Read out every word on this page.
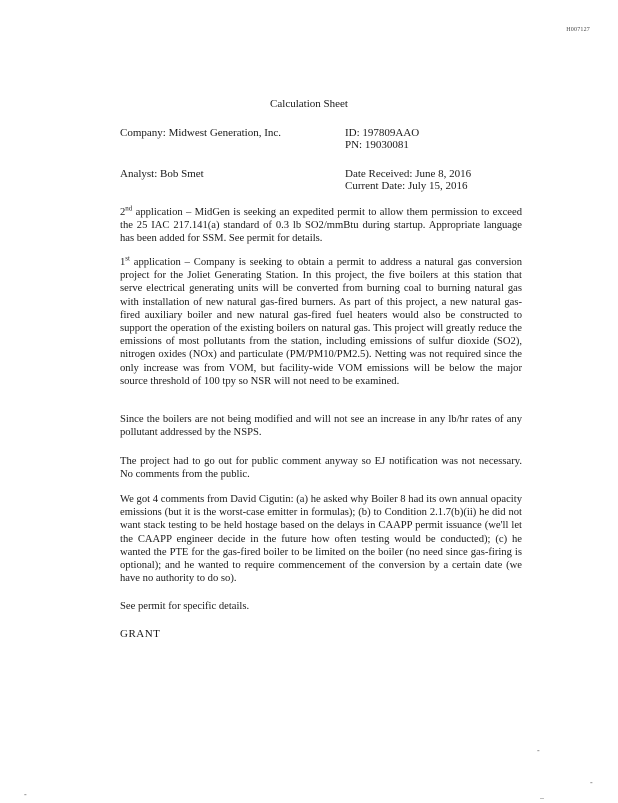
H007127
Calculation Sheet
Company: Midwest Generation, Inc.	ID: 197809AAO
PN: 19030081
Analyst: Bob Smet	Date Received: June 8, 2016
Current Date: July 15, 2016

2nd application – MidGen is seeking an expedited permit to allow them permission to exceed the 25 IAC 217.141(a) standard of 0.3 lb SO2/mmBtu during startup. Appropriate language has been added for SSM. See permit for details.

1st application – Company is seeking to obtain a permit to address a natural gas conversion project for the Joliet Generating Station. In this project, the five boilers at this station that serve electrical generating units will be converted from burning coal to burning natural gas with installation of new natural gas-fired burners. As part of this project, a new natural gas-fired auxiliary boiler and new natural gas-fired fuel heaters would also be constructed to support the operation of the existing boilers on natural gas. This project will greatly reduce the emissions of most pollutants from the station, including emissions of sulfur dioxide (SO2), nitrogen oxides (NOx) and particulate (PM/PM10/PM2.5). Netting was not required since the only increase was from VOM, but facility-wide VOM emissions will be below the major source threshold of 100 tpy so NSR will not need to be examined.

Since the boilers are not being modified and will not see an increase in any lb/hr rates of any pollutant addressed by the NSPS.

The project had to go out for public comment anyway so EJ notification was not necessary. No comments from the public.

We got 4 comments from David Cigutin: (a) he asked why Boiler 8 had its own annual opacity emissions (but it is the worst-case emitter in formulas); (b) to Condition 2.1.7(b)(ii) he did not want stack testing to be held hostage based on the delays in CAAPP permit issuance (we'll let the CAAPP engineer decide in the future how often testing would be conducted); (c) he wanted the PTE for the gas-fired boiler to be limited on the boiler (no need since gas-firing is optional); and he wanted to require commencement of the conversion by a certain date (we have no authority to do so).

See permit for specific details.

GRANT
-
..
-
-
